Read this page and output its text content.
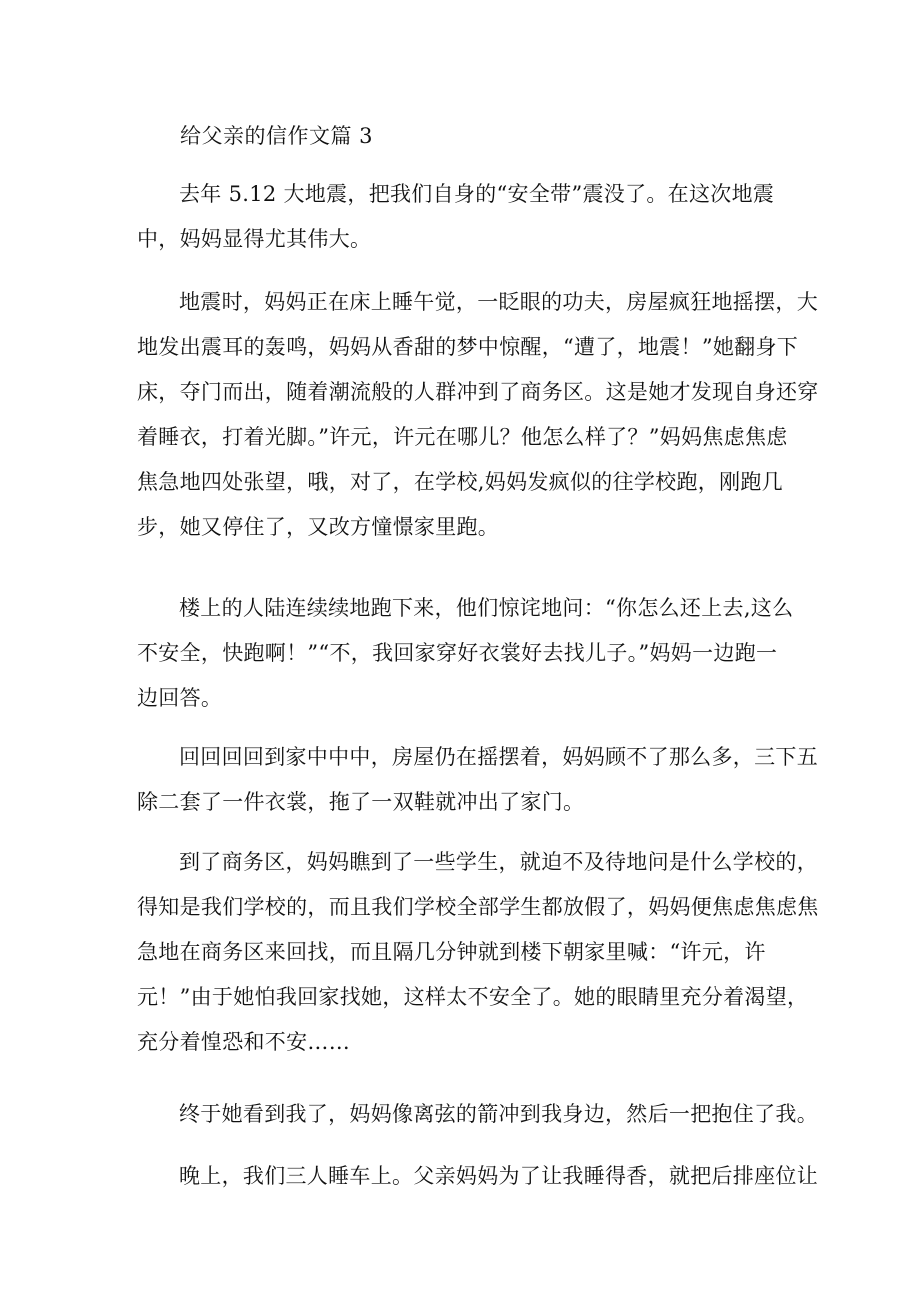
给父亲的信作文篇 3
去年 5.12 大地震，把我们自身的“安全带”震没了。在这次地震
中，妈妈显得尤其伟大。
地震时，妈妈正在床上睡午觉，一眨眼的功夫，房屋疯狂地摇摆，大
地发出震耳的轰鸣，妈妈从香甜的梦中惊醒，“遭了，地震！”她翻身下
床，夺门而出，随着潮流般的人群冲到了商务区。这是她才发现自身还穿
着睡衣，打着光脚。”许元，许元在哪儿？他怎么样了？”妈妈焦虑焦虑
焦急地四处张望，哦，对了，在学校,妈妈发疯似的往学校跑，刚跑几
步，她又停住了，又改方憧憬家里跑。
楼上的人陆连续续地跑下来，他们惊诧地问：“你怎么还上去,这么
不安全，快跑啊！”“不，我回家穿好衣裳好去找儿子。”妈妈一边跑一
边回答。
回回回回到家中中中，房屋仍在摇摆着，妈妈顾不了那么多，三下五
除二套了一件衣裳，拖了一双鞋就冲出了家门。
到了商务区，妈妈瞧到了一些学生，就迫不及待地问是什么学校的，
得知是我们学校的，而且我们学校全部学生都放假了，妈妈便焦虑焦虑焦
急地在商务区来回找，而且隔几分钟就到楼下朝家里喊：“许元，许
元！”由于她怕我回家找她，这样太不安全了。她的眼睛里充分着渴望，
充分着惶恐和不安……
终于她看到我了，妈妈像离弦的箭冲到我身边，然后一把抱住了我。
晚上，我们三人睡车上。父亲妈妈为了让我睡得香，就把后排座位让
